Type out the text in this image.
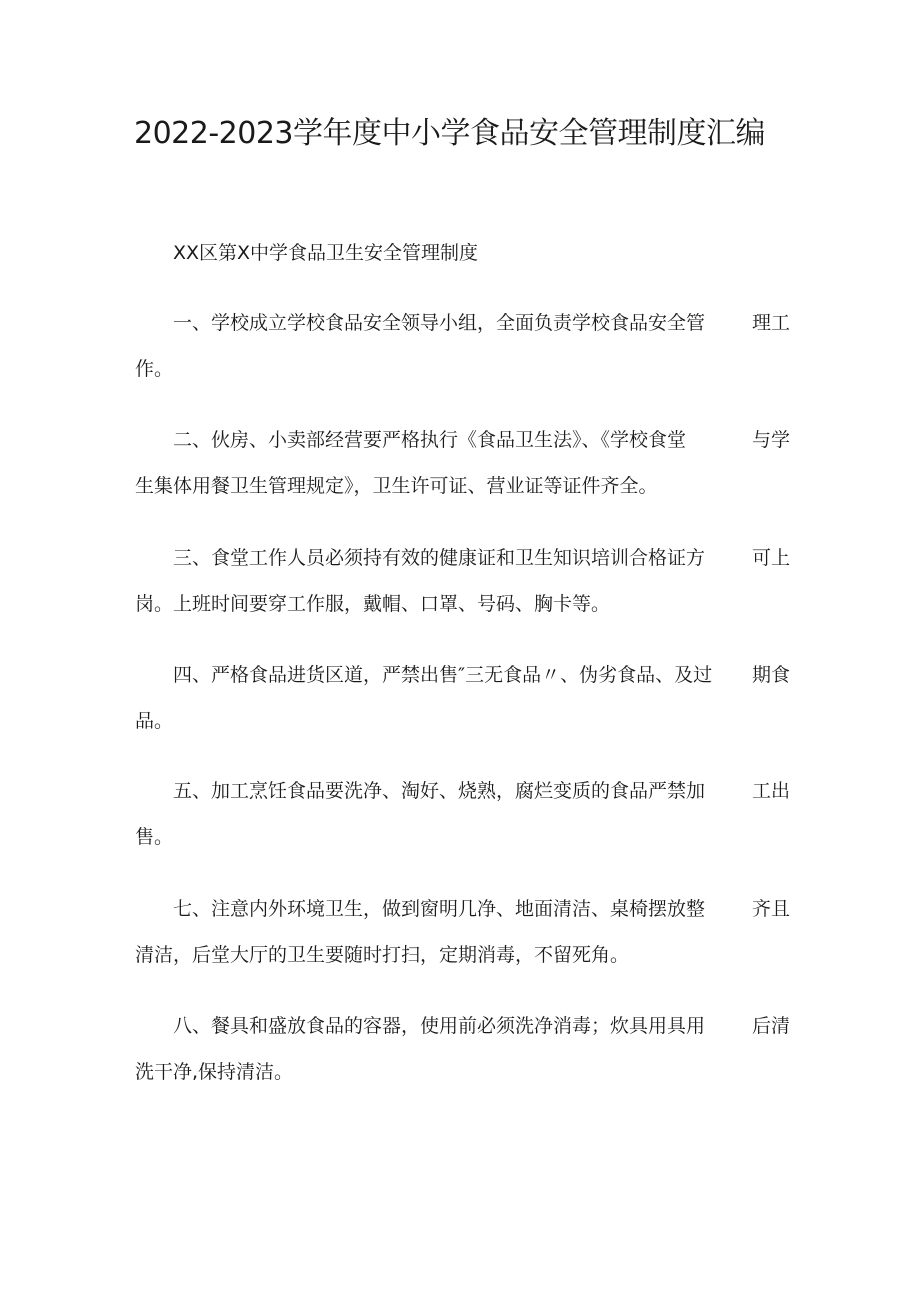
2022-2023学年度中小学食品安全管理制度汇编

XX区第X中学食品卫生安全管理制度

一、学校成立学校食品安全领导小组，全面负责学校食品安全管 理工
作。
二、伙房、小卖部经营要严格执行《食品卫生法》、《学校食堂	与学
生集体用餐卫生管理规定》，卫生许可证、营业证等证件齐全。
三、食堂工作人员必须持有效的健康证和卫生知识培训合格证方 可上
岗。上班时间要穿工作服，戴帽、口罩、号码、胸卡等。
四、严格食品进货区道，严禁出售″三无食品〃、伪劣食品、及过 期食
品。
五、加工烹饪食品要洗净、淘好、烧熟，腐烂变质的食品严禁加 工出
售。
七、注意内外环境卫生，做到窗明几净、地面清洁、桌椅摆放整 齐且
清洁，后堂大厅的卫生要随时打扫，定期消毒，不留死角。
八、餐具和盛放食品的容器，使用前必须洗净消毒；炊具用具用 后清
洗干净,保持清洁。
